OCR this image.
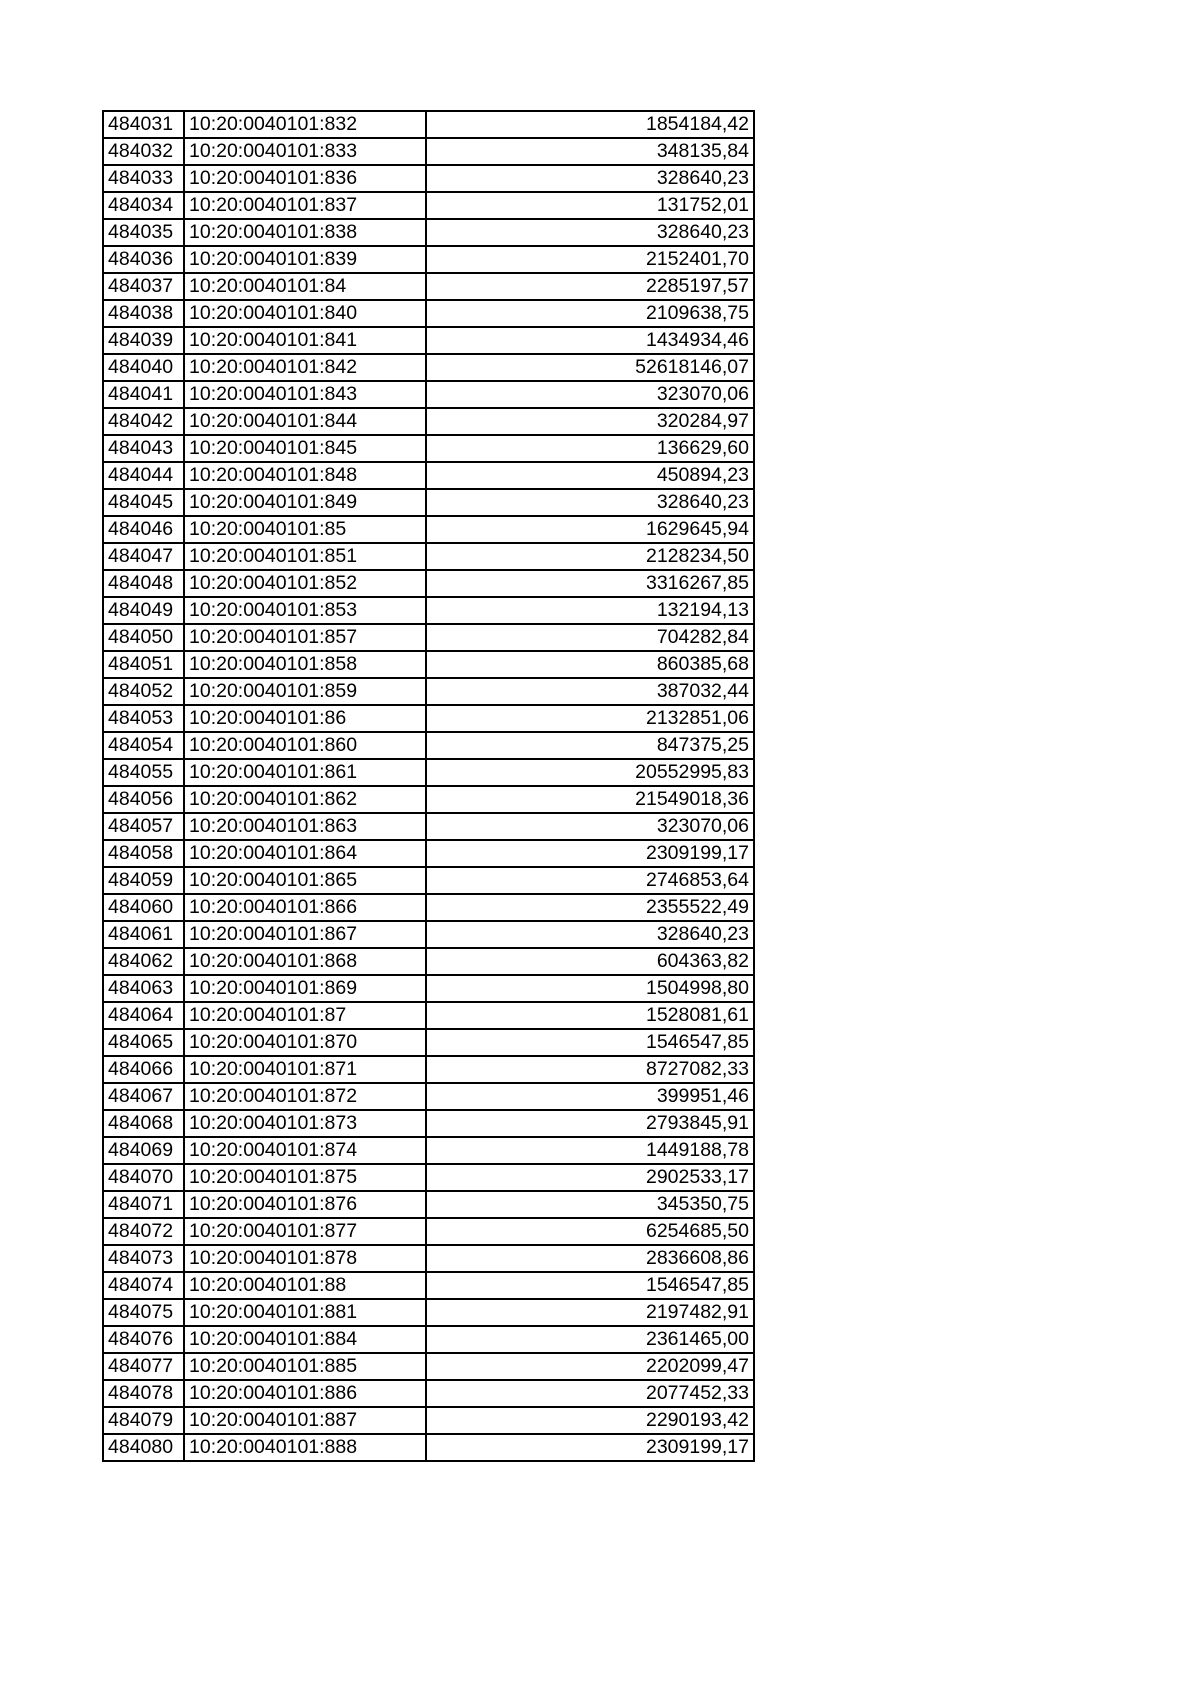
484031	10:20:0040101:832	1854184,42
484032	10:20:0040101:833	348135,84
484033	10:20:0040101:836	328640,23
484034	10:20:0040101:837	131752,01
484035	10:20:0040101:838	328640,23
484036	10:20:0040101:839	2152401,70
484037	10:20:0040101:84	2285197,57
484038	10:20:0040101:840	2109638,75
484039	10:20:0040101:841	1434934,46
484040	10:20:0040101:842	52618146,07
484041	10:20:0040101:843	323070,06
484042	10:20:0040101:844	320284,97
484043	10:20:0040101:845	136629,60
484044	10:20:0040101:848	450894,23
484045	10:20:0040101:849	328640,23
484046	10:20:0040101:85	1629645,94
484047	10:20:0040101:851	2128234,50
484048	10:20:0040101:852	3316267,85
484049	10:20:0040101:853	132194,13
484050	10:20:0040101:857	704282,84
484051	10:20:0040101:858	860385,68
484052	10:20:0040101:859	387032,44
484053	10:20:0040101:86	2132851,06
484054	10:20:0040101:860	847375,25
484055	10:20:0040101:861	20552995,83
484056	10:20:0040101:862	21549018,36
484057	10:20:0040101:863	323070,06
484058	10:20:0040101:864	2309199,17
484059	10:20:0040101:865	2746853,64
484060	10:20:0040101:866	2355522,49
484061	10:20:0040101:867	328640,23
484062	10:20:0040101:868	604363,82
484063	10:20:0040101:869	1504998,80
484064	10:20:0040101:87	1528081,61
484065	10:20:0040101:870	1546547,85
484066	10:20:0040101:871	8727082,33
484067	10:20:0040101:872	399951,46
484068	10:20:0040101:873	2793845,91
484069	10:20:0040101:874	1449188,78
484070	10:20:0040101:875	2902533,17
484071	10:20:0040101:876	345350,75
484072	10:20:0040101:877	6254685,50
484073	10:20:0040101:878	2836608,86
484074	10:20:0040101:88	1546547,85
484075	10:20:0040101:881	2197482,91
484076	10:20:0040101:884	2361465,00
484077	10:20:0040101:885	2202099,47
484078	10:20:0040101:886	2077452,33
484079	10:20:0040101:887	2290193,42
484080	10:20:0040101:888	2309199,17
